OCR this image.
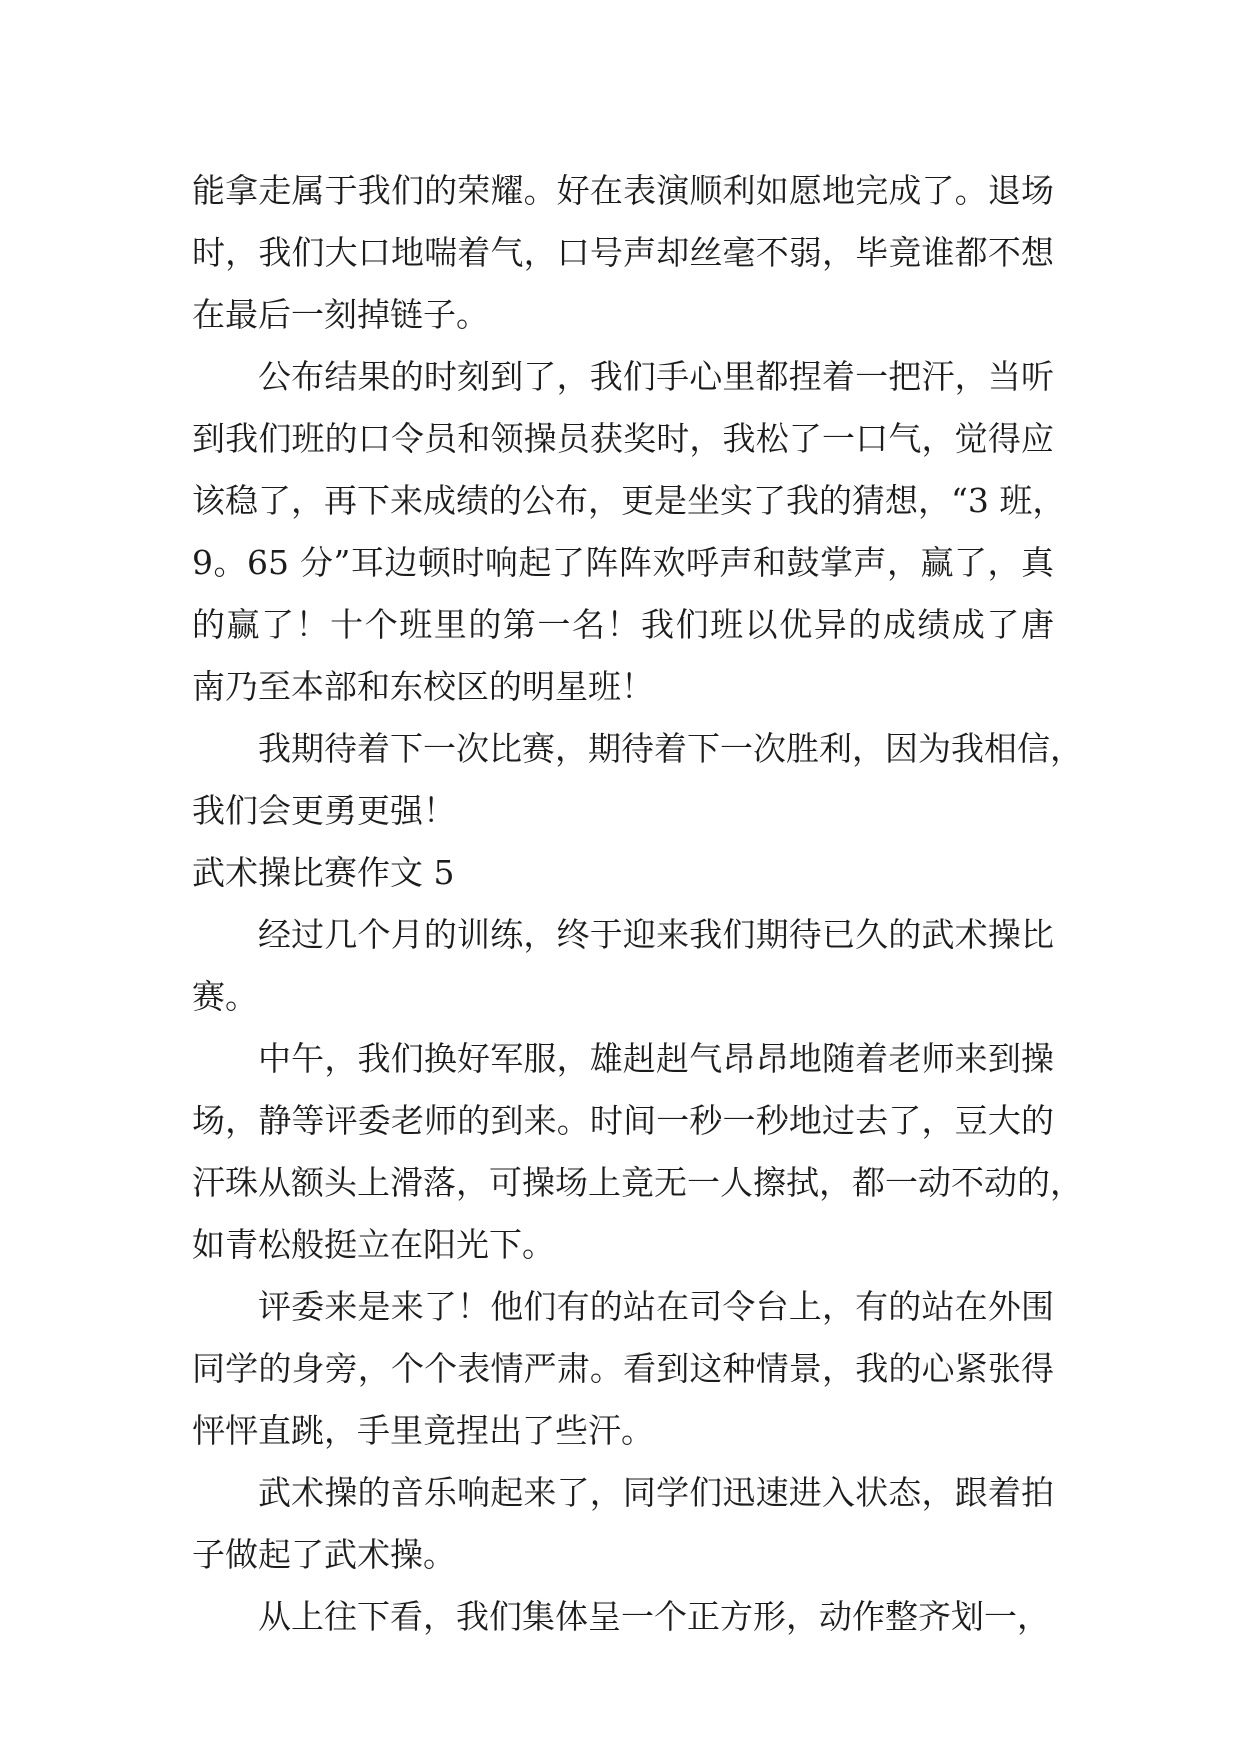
能拿走属于我们的荣耀。好在表演顺利如愿地完成了。退场
时，我们大口地喘着气，口号声却丝毫不弱，毕竟谁都不想
在最后一刻掉链子。
公布结果的时刻到了，我们手心里都捏着一把汗，当听
到我们班的口令员和领操员获奖时，我松了一口气，觉得应
该稳了，再下来成绩的公布，更是坐实了我的猜想，“3 班，
9。65 分”耳边顿时响起了阵阵欢呼声和鼓掌声，赢了，真
的赢了！十个班里的第一名！我们班以优异的成绩成了唐
南乃至本部和东校区的明星班！
我期待着下一次比赛，期待着下一次胜利，因为我相信，
我们会更勇更强！
武术操比赛作文 5
经过几个月的训练，终于迎来我们期待已久的武术操比
赛。
中午，我们换好军服，雄赳赳气昂昂地随着老师来到操
场，静等评委老师的到来。时间一秒一秒地过去了，豆大的
汗珠从额头上滑落，可操场上竟无一人擦拭，都一动不动的，
如青松般挺立在阳光下。
评委来是来了！他们有的站在司令台上，有的站在外围
同学的身旁，个个表情严肃。看到这种情景，我的心紧张得
怦怦直跳，手里竟捏出了些汗。
武术操的音乐响起来了，同学们迅速进入状态，跟着拍
子做起了武术操。
从上往下看，我们集体呈一个正方形，动作整齐划一，
